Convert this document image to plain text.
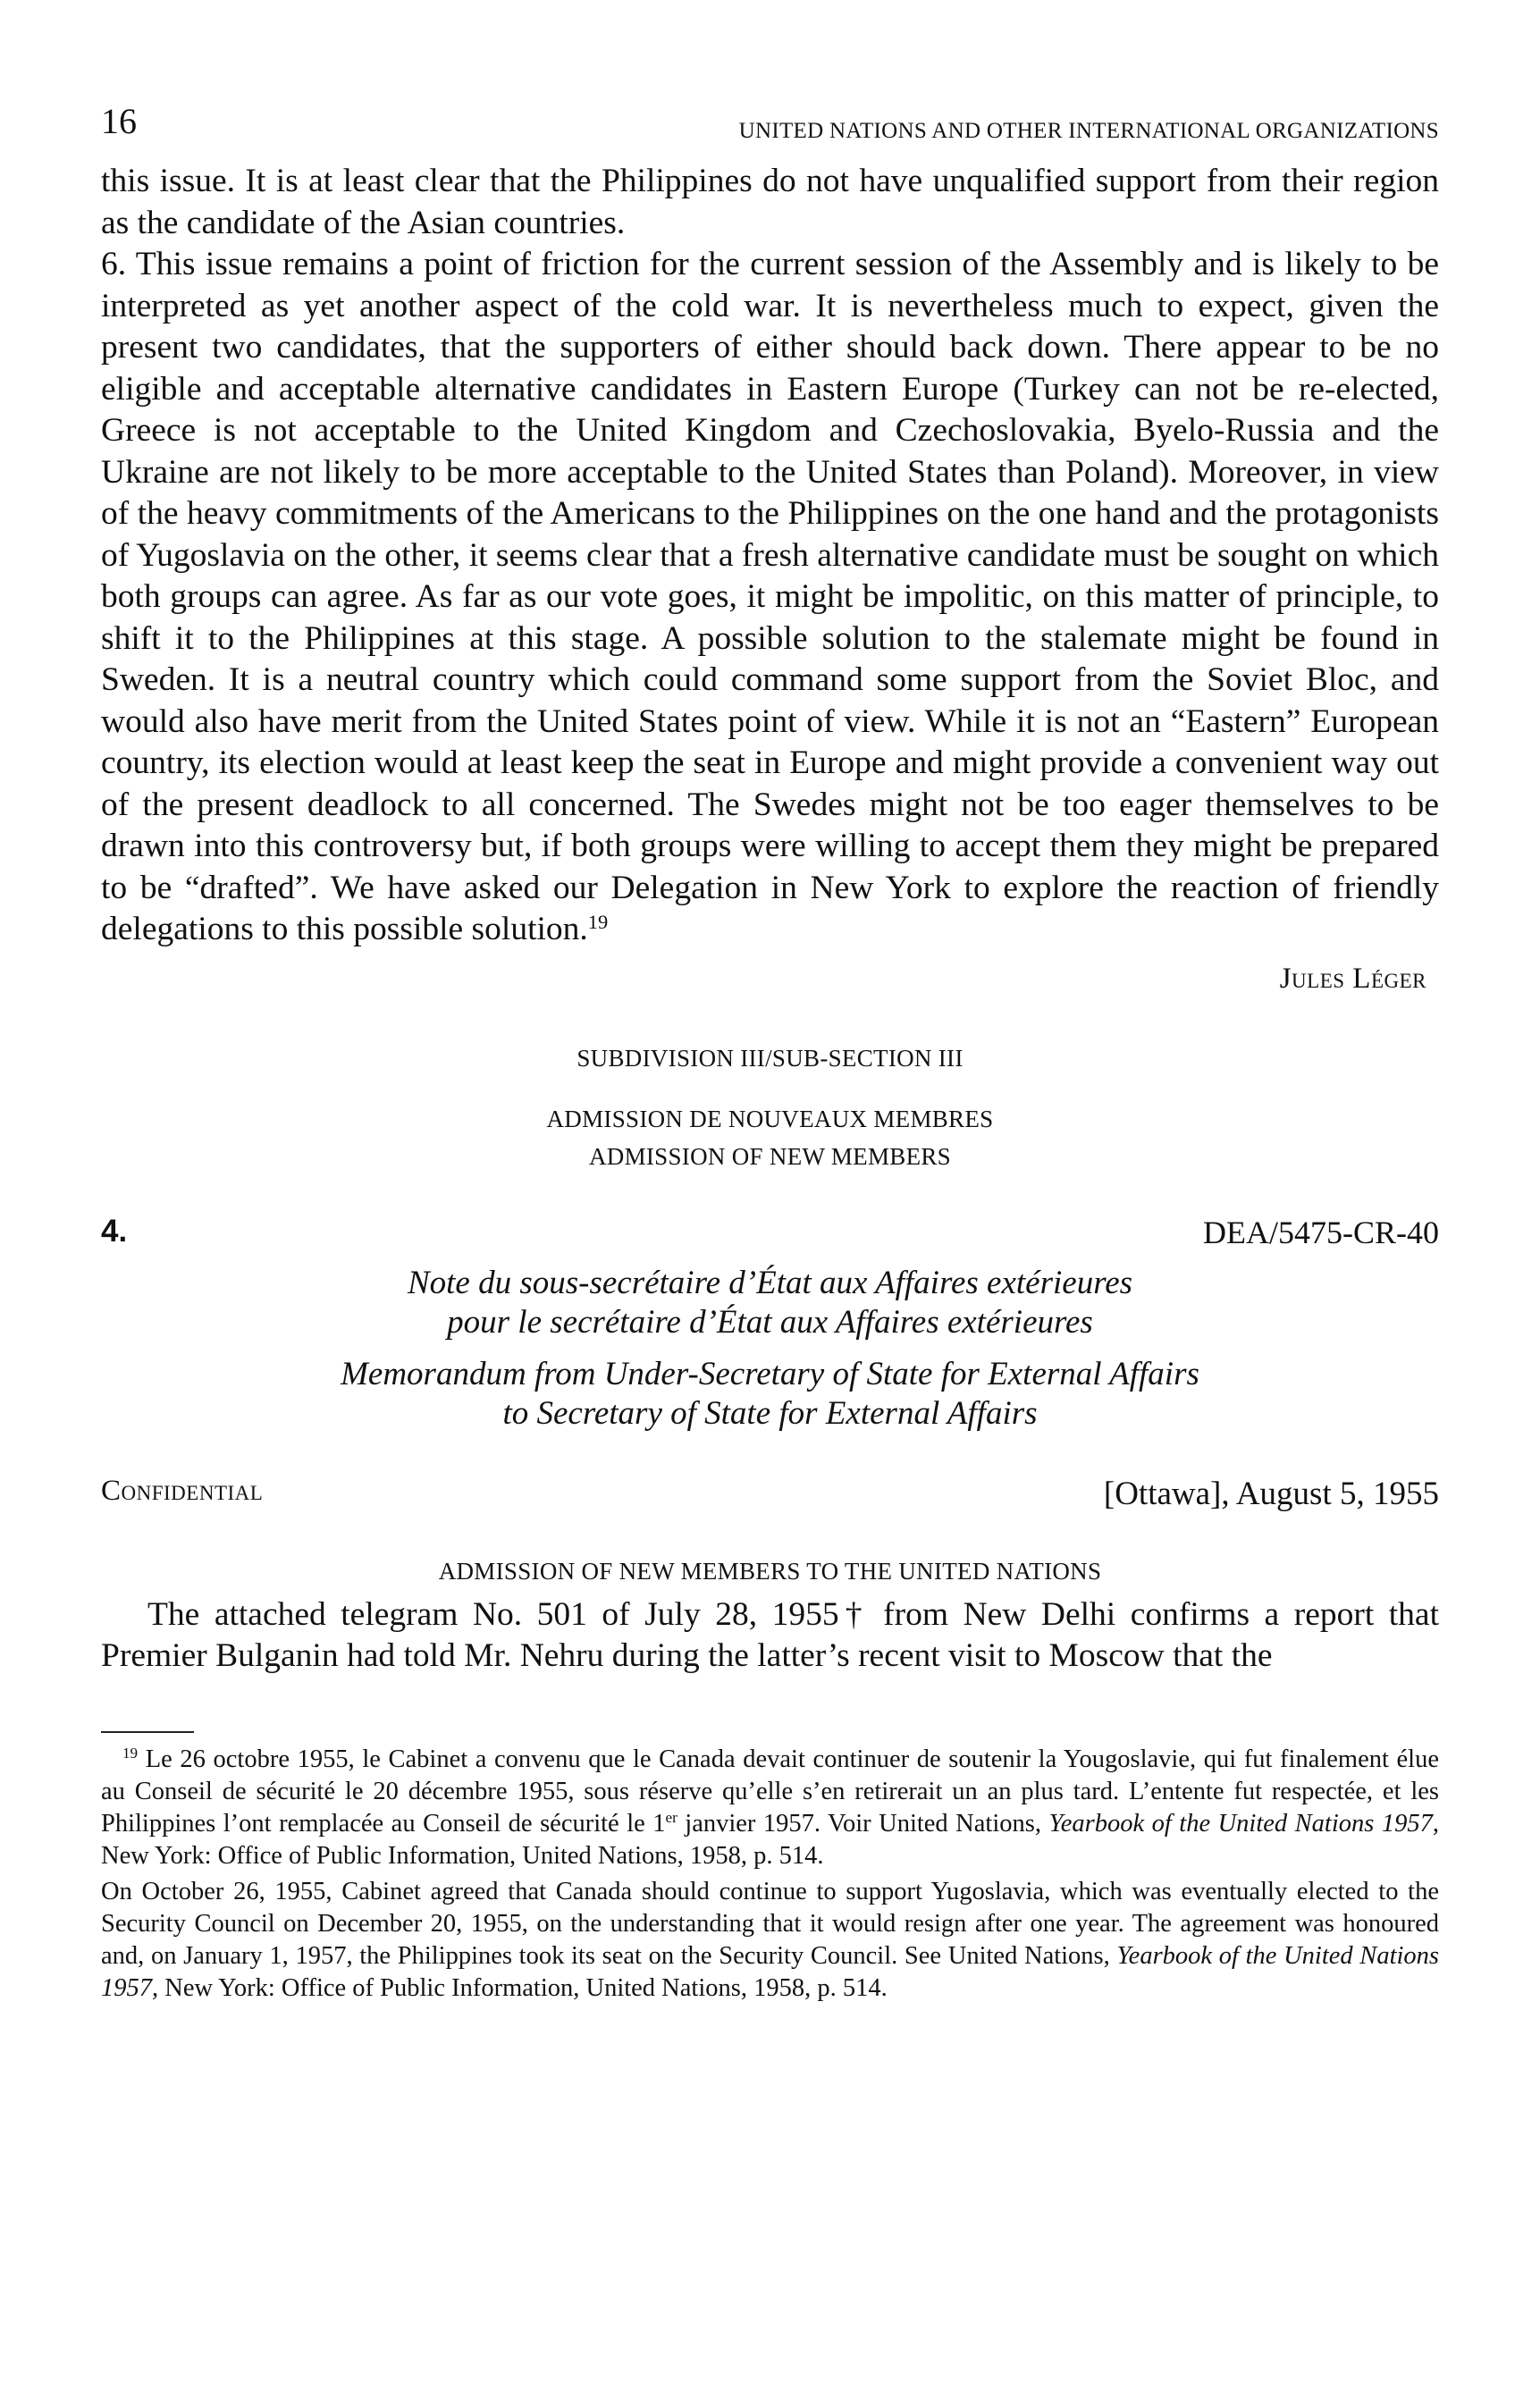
16	UNITED NATIONS AND OTHER INTERNATIONAL ORGANIZATIONS

this issue. It is at least clear that the Philippines do not have unqualified support from their region as the candidate of the Asian countries.

6. This issue remains a point of friction for the current session of the Assembly and is likely to be interpreted as yet another aspect of the cold war. It is nevertheless much to expect, given the present two candidates, that the supporters of either should back down. There appear to be no eligible and acceptable alternative candidates in Eastern Europe (Turkey can not be re-elected, Greece is not acceptable to the United Kingdom and Czechoslovakia, Byelo-Russia and the Ukraine are not likely to be more acceptable to the United States than Poland). Moreover, in view of the heavy commitments of the Americans to the Philippines on the one hand and the protagonists of Yugoslavia on the other, it seems clear that a fresh alternative candidate must be sought on which both groups can agree. As far as our vote goes, it might be impolitic, on this matter of principle, to shift it to the Philippines at this stage. A possible solution to the stalemate might be found in Sweden. It is a neutral country which could command some support from the Soviet Bloc, and would also have merit from the United States point of view. While it is not an “Eastern” European country, its election would at least keep the seat in Europe and might provide a convenient way out of the present deadlock to all concerned. The Swedes might not be too eager themselves to be drawn into this controversy but, if both groups were willing to accept them they might be prepared to be “drafted”. We have asked our Delegation in New York to explore the reaction of friendly delegations to this possible solution.$^{19}$

Jules Léger
SUBDIVISION III/SUB-SECTION III
ADMISSION DE NOUVEAUX MEMBRES
ADMISSION OF NEW MEMBERS
4.	DEA/5475-CR-40
Note du sous-secrétaire d’État aux Affaires extérieures
pour le secrétaire d’État aux Affaires extérieures
Memorandum from Under-Secretary of State for External Affairs
to Secretary of State for External Affairs
Confidential	[Ottawa], August 5, 1955
ADMISSION OF NEW MEMBERS TO THE UNITED NATIONS

The attached telegram No. 501 of July 28, 1955† from New Delhi confirms a report that Premier Bulganin had told Mr. Nehru during the latter’s recent visit to Moscow that the

$^{19}$ Le 26 octobre 1955, le Cabinet a convenu que le Canada devait continuer de soutenir la Yougoslavie, qui fut finalement élue au Conseil de sécurité le 20 décembre 1955, sous réserve qu’elle s’en retirerait un an plus tard. L’entente fut respectée, et les Philippines l’ont remplacée au Conseil de sécurité le 1er janvier 1957. Voir United Nations, Yearbook of the United Nations 1957, New York: Office of Public Information, United Nations, 1958, p. 514.

On October 26, 1955, Cabinet agreed that Canada should continue to support Yugoslavia, which was eventually elected to the Security Council on December 20, 1955, on the understanding that it would resign after one year. The agreement was honoured and, on January 1, 1957, the Philippines took its seat on the Security Council. See United Nations, Yearbook of the United Nations 1957, New York: Office of Public Information, United Nations, 1958, p. 514.
